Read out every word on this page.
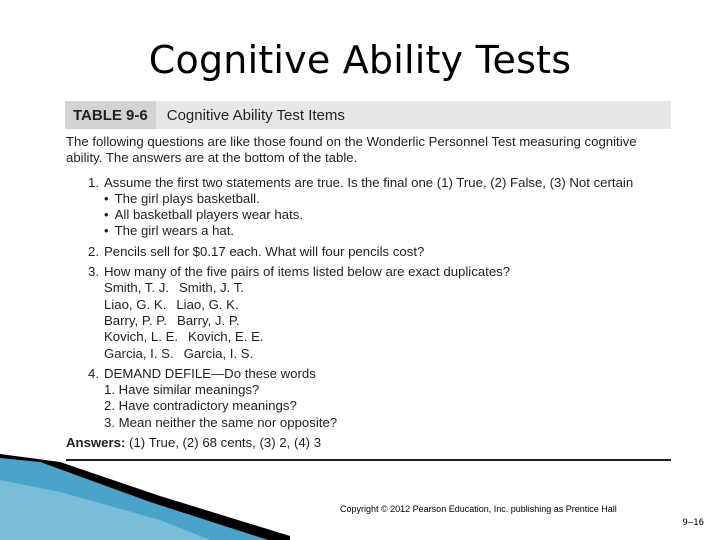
Cognitive Ability Tests
TABLE 9-6	Cognitive Ability Test Items
The following questions are like those found on the Wonderlic Personnel Test measuring cognitive ability. The answers are at the bottom of the table.
1. Assume the first two statements are true. Is the final one (1) True, (2) False, (3) Not certain
• The girl plays basketball.
• All basketball players wear hats.
• The girl wears a hat.
2. Pencils sell for $0.17 each. What will four pencils cost?
3. How many of the five pairs of items listed below are exact duplicates?
Smith, T. J. Smith, J. T.
Liao, G. K. Liao, G. K.
Barry, P. P. Barry, J. P.
Kovich, L. E. Kovich, E. E.
Garcia, I. S. Garcia, I. S.
4. DEMAND DEFILE—Do these words
1. Have similar meanings?
2. Have contradictory meanings?
3. Mean neither the same nor opposite?
Answers: (1) True, (2) 68 cents, (3) 2, (4) 3
Copyright © 2012 Pearson Education, Inc. publishing as Prentice Hall
9–16
